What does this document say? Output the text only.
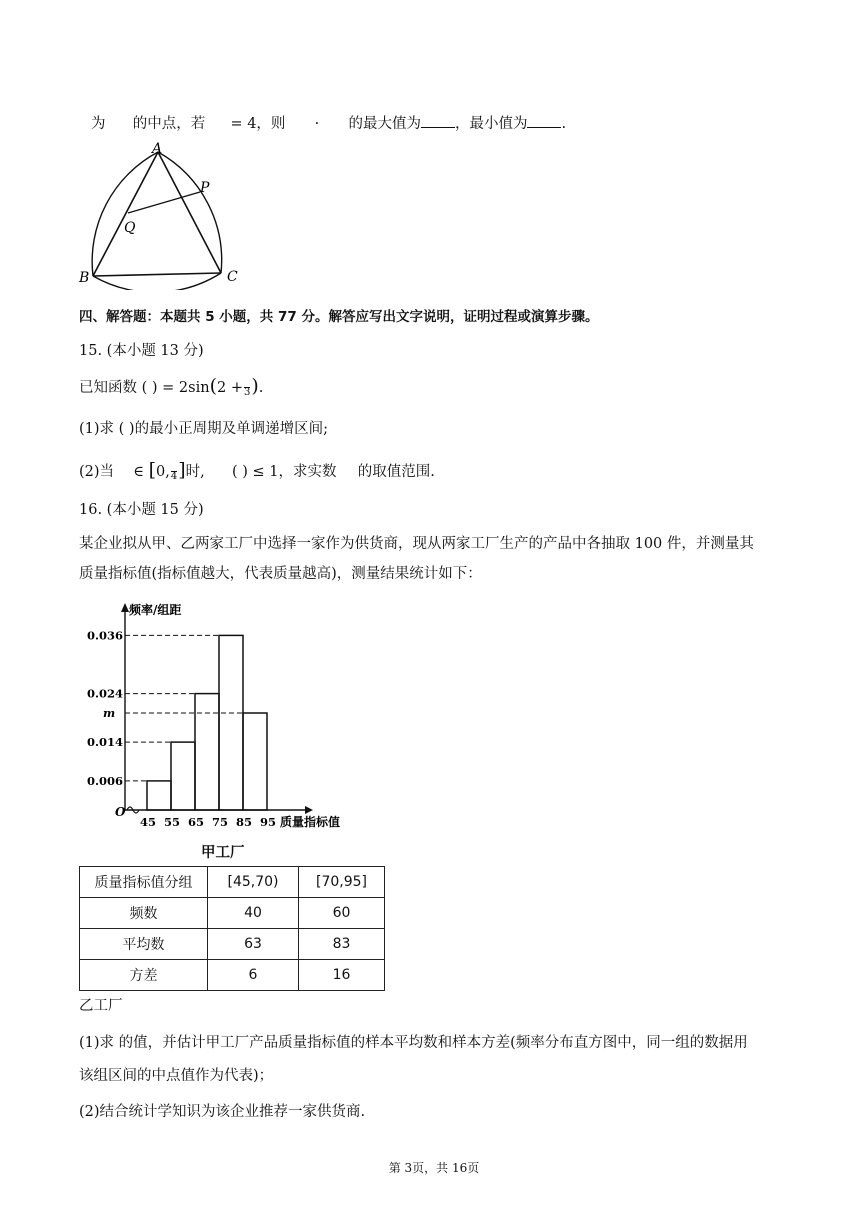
为 的中点，若 = 4，则 · 的最大值为 ，最小值为 .
A
P
Q
B	C
四、解答题：本题共 5 小题，共 77 分。解答应写出文字说明，证明过程或演算步骤。
15. (本小题 13 分)
已知函数 ( ) = 2sin(2 + 3 ).
(1)求 ( )的最小正周期及单调递增区间;
(2)当 ∈ [0, 4 ]时, ( ) ≤ 1，求实数 的取值范围.
16. (本小题 15 分)
某企业拟从甲、乙两家工厂中选择一家作为供货商，现从两家工厂生产的产品中各抽取 100 件，并测量其
质量指标值(指标值越大，代表质量越高)，测量结果统计如下：
O
频率/组距
质量指标值
0.036
0.024
m
0.014
0.006
45 55 65 75 85 95
甲工厂
质量指标值分组	[45,70)	[70,95]
频数	40	60
平均数	63	83
方差	6	16
乙工厂
(1)求 的值，并估计甲工厂产品质量指标值的样本平均数和样本方差(频率分布直方图中，同一组的数据用
该组区间的中点值作为代表)；
(2)结合统计学知识为该企业推荐一家供货商.
第 3页，共 16页
